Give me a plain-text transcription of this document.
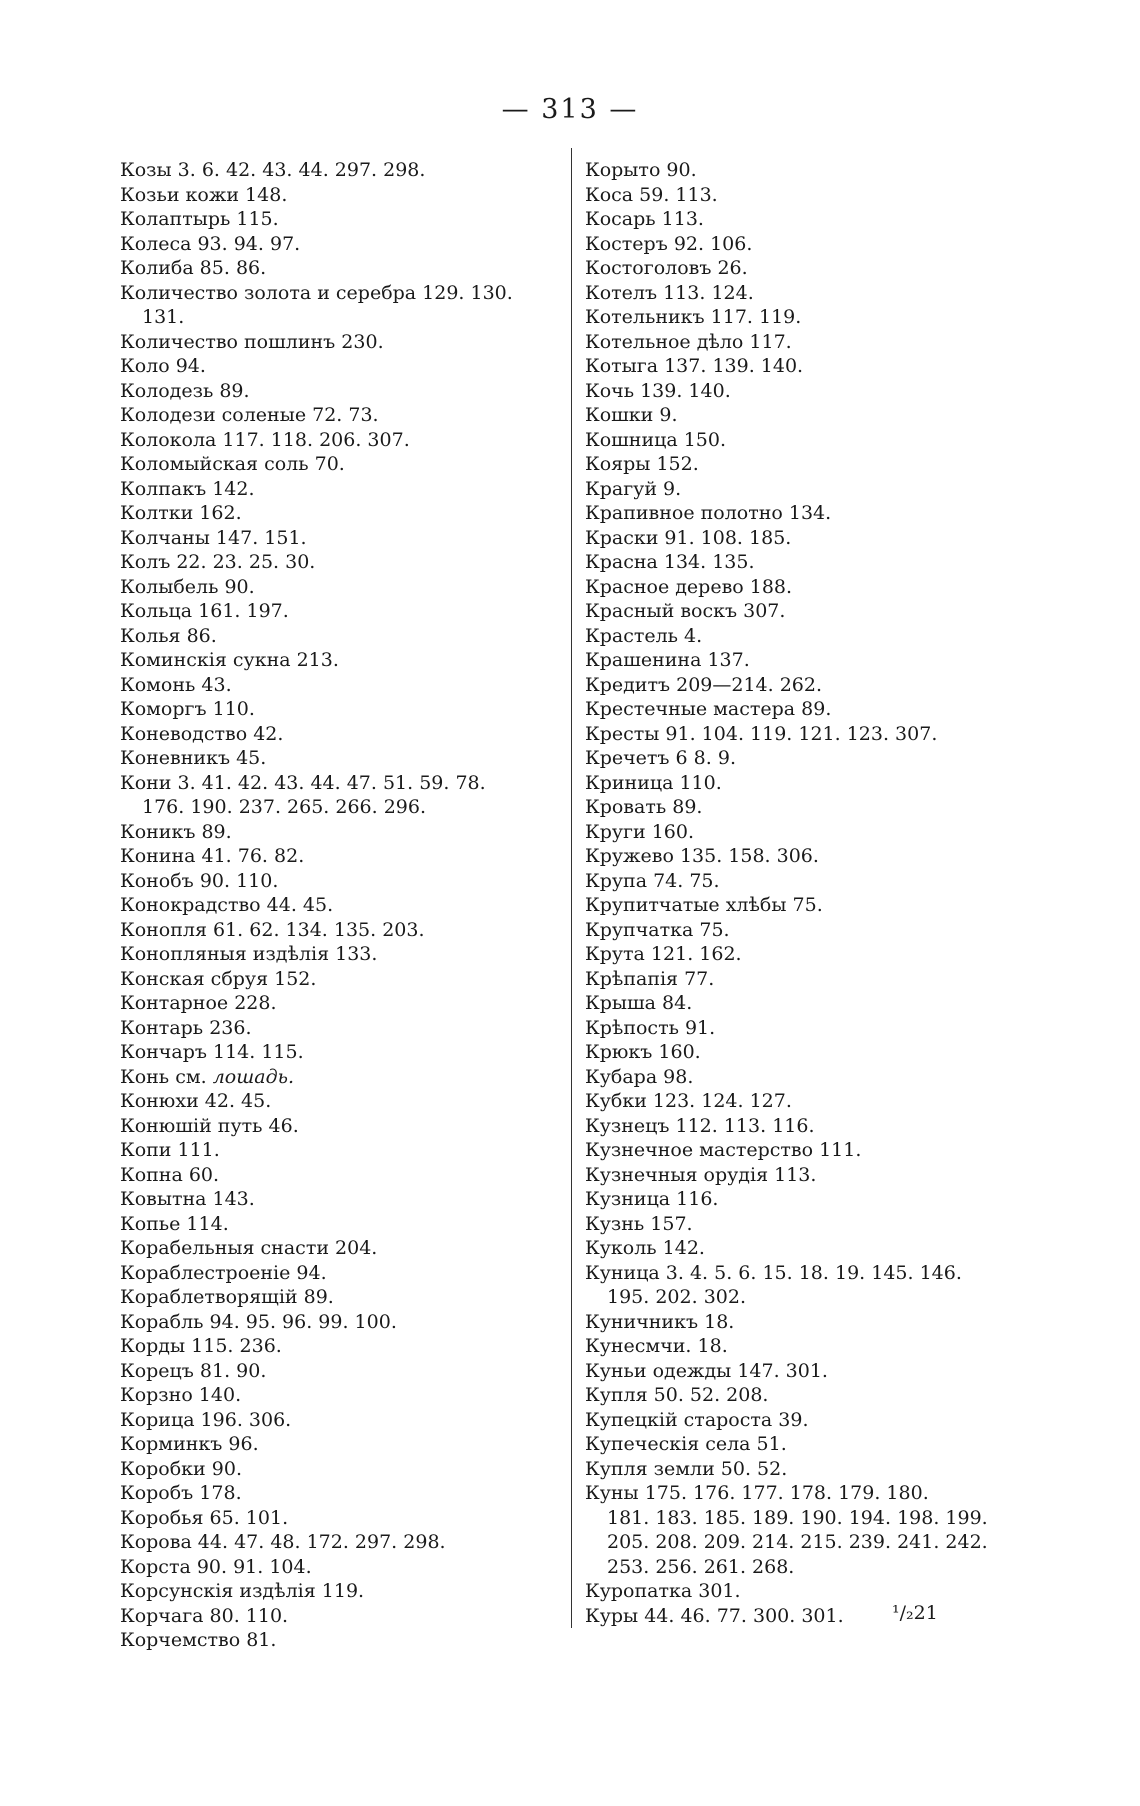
— 313 —
Козы 3. 6. 42. 43. 44. 297. 298.
Козьи кожи 148.
Колаптырь 115.
Колеса 93. 94. 97.
Колиба 85. 86.
Количество золота и серебра 129. 130.
131.
Количество пошлинъ 230.
Коло 94.
Колодезь 89.
Колодези соленые 72. 73.
Колокола 117. 118. 206. 307.
Коломыйская соль 70.
Колпакъ 142.
Колтки 162.
Колчаны 147. 151.
Колъ 22. 23. 25. 30.
Колыбель 90.
Кольца 161. 197.
Колья 86.
Коминскія сукна 213.
Комонь 43.
Коморгъ 110.
Коневодство 42.
Коневникъ 45.
Кони 3. 41. 42. 43. 44. 47. 51. 59. 78.
176. 190. 237. 265. 266. 296.
Коникъ 89.
Конина 41. 76. 82.
Конобъ 90. 110.
Конокрадство 44. 45.
Конопля 61. 62. 134. 135. 203.
Конопляныя издѣлія 133.
Конская сбруя 152.
Контарное 228.
Контарь 236.
Кончаръ 114. 115.
Конь см. лошадь.
Конюхи 42. 45.
Конюшій путь 46.
Копи 111.
Копна 60.
Ковытна 143.
Копье 114.
Корабельныя снасти 204.
Кораблестроеніе 94.
Кораблетворящій 89.
Корабль 94. 95. 96. 99. 100.
Корды 115. 236.
Корецъ 81. 90.
Корзно 140.
Корица 196. 306.
Корминкъ 96.
Коробки 90.
Коробъ 178.
Коробья 65. 101.
Корова 44. 47. 48. 172. 297. 298.
Корста 90. 91. 104.
Корсунскія издѣлія 119.
Корчага 80. 110.
Корчемство 81.
Корыто 90.
Коса 59. 113.
Косарь 113.
Костеръ 92. 106.
Костоголовъ 26.
Котелъ 113. 124.
Котельникъ 117. 119.
Котельное дѣло 117.
Котыга 137. 139. 140.
Кочь 139. 140.
Кошки 9.
Кошница 150.
Кояры 152.
Крагуй 9.
Крапивное полотно 134.
Краски 91. 108. 185.
Красна 134. 135.
Красное дерево 188.
Красный воскъ 307.
Крастель 4.
Крашенина 137.
Кредитъ 209—214. 262.
Крестечные мастера 89.
Кресты 91. 104. 119. 121. 123. 307.
Кречетъ 6 8. 9.
Криница 110.
Кровать 89.
Круги 160.
Кружево 135. 158. 306.
Крупа 74. 75.
Крупитчатые хлѣбы 75.
Крупчатка 75.
Крута 121. 162.
Крѣпапія 77.
Крыша 84.
Крѣпость 91.
Крюкъ 160.
Кубара 98.
Кубки 123. 124. 127.
Кузнецъ 112. 113. 116.
Кузнечное мастерство 111.
Кузнечныя орудія 113.
Кузница 116.
Кузнь 157.
Куколь 142.
Куница 3. 4. 5. 6. 15. 18. 19. 145. 146.
195. 202. 302.
Куничникъ 18.
Кунесмчи. 18.
Куньи одежды 147. 301.
Купля 50. 52. 208.
Купецкій староста 39.
Купеческія села 51.
Купля земли 50. 52.
Куны 175. 176. 177. 178. 179. 180.
181. 183. 185. 189. 190. 194. 198. 199.
205. 208. 209. 214. 215. 239. 241. 242.
253. 256. 261. 268.
Куропатка 301.
Куры 44. 46. 77. 300. 301.	¹/₂21
